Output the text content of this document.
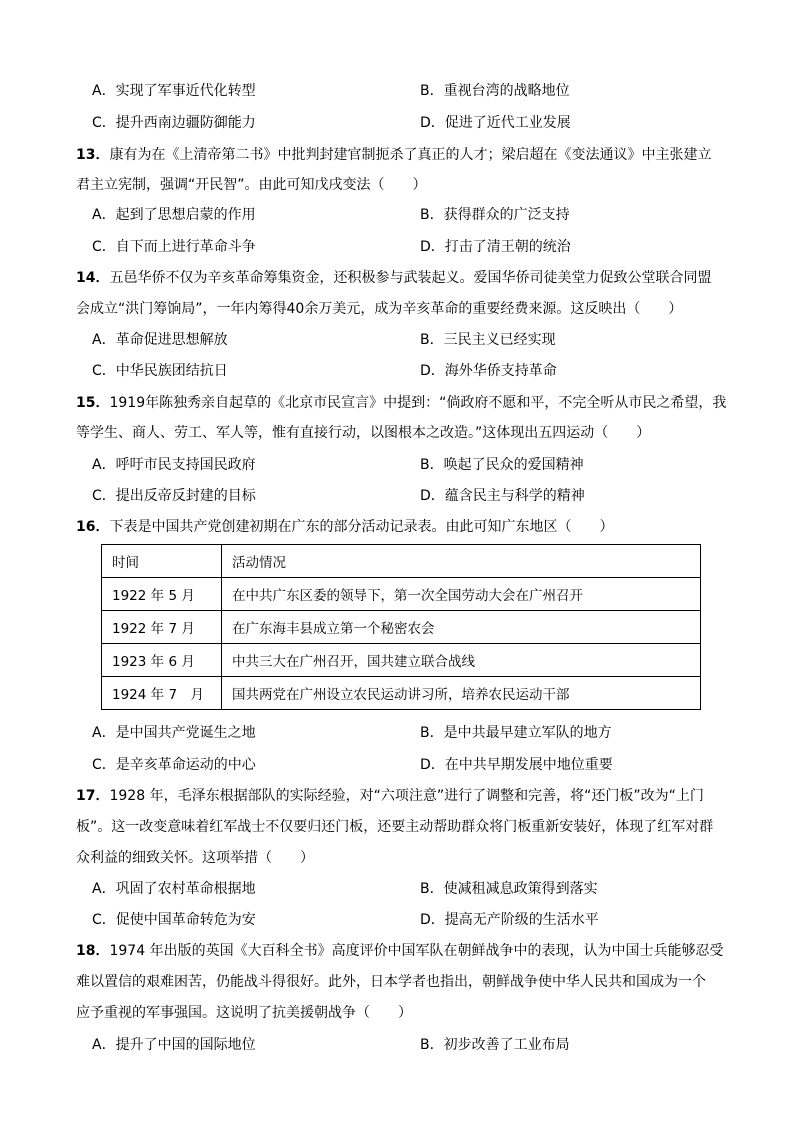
A．实现了军事近代化转型	B．重视台湾的战略地位
C．提升西南边疆防御能力	D．促进了近代工业发展
13．康有为在《上清帝第二书》中批判封建官制扼杀了真正的人才；梁启超在《变法通议》中主张建立
君主立宪制，强调“开民智”。由此可知戊戌变法（　　）
A．起到了思想启蒙的作用	B．获得群众的广泛支持
C．自下而上进行革命斗争	D．打击了清王朝的统治
14．五邑华侨不仅为辛亥革命筹集资金，还积极参与武装起义。爱国华侨司徒美堂力促致公堂联合同盟
会成立“洪门筹饷局”，一年内筹得40余万美元，成为辛亥革命的重要经费来源。这反映出（　　）
A．革命促进思想解放	B．三民主义已经实现
C．中华民族团结抗日	D．海外华侨支持革命
15．1919年陈独秀亲自起草的《北京市民宣言》中提到：“倘政府不愿和平，不完全听从市民之希望，我
等学生、商人、劳工、军人等，惟有直接行动，以图根本之改造。”这体现出五四运动（　　）
A．呼吁市民支持国民政府	B．唤起了民众的爱国精神
C．提出反帝反封建的目标	D．蕴含民主与科学的精神
16．下表是中国共产党创建初期在广东的部分活动记录表。由此可知广东地区（　　）
时间	活动情况
1922 年 5 月	在中共广东区委的领导下，第一次全国劳动大会在广州召开
1922 年 7 月	在广东海丰县成立第一个秘密农会
1923 年 6 月	中共三大在广州召开，国共建立联合战线
1924 年 7　月	国共两党在广州设立农民运动讲习所，培养农民运动干部
A．是中国共产党诞生之地	B．是中共最早建立军队的地方
C．是辛亥革命运动的中心	D．在中共早期发展中地位重要
17．1928 年，毛泽东根据部队的实际经验，对“六项注意”进行了调整和完善，将“还门板”改为“上门
板”。这一改变意味着红军战士不仅要归还门板，还要主动帮助群众将门板重新安装好，体现了红军对群
众利益的细致关怀。这项举措（　　）
A．巩固了农村革命根据地	B．使减租减息政策得到落实
C．促使中国革命转危为安	D．提高无产阶级的生活水平
18．1974 年出版的英国《大百科全书》高度评价中国军队在朝鲜战争中的表现，认为中国士兵能够忍受
难以置信的艰难困苦，仍能战斗得很好。此外，日本学者也指出，朝鲜战争使中华人民共和国成为一个
应予重视的军事强国。这说明了抗美援朝战争（　　）
A．提升了中国的国际地位	B．初步改善了工业布局
